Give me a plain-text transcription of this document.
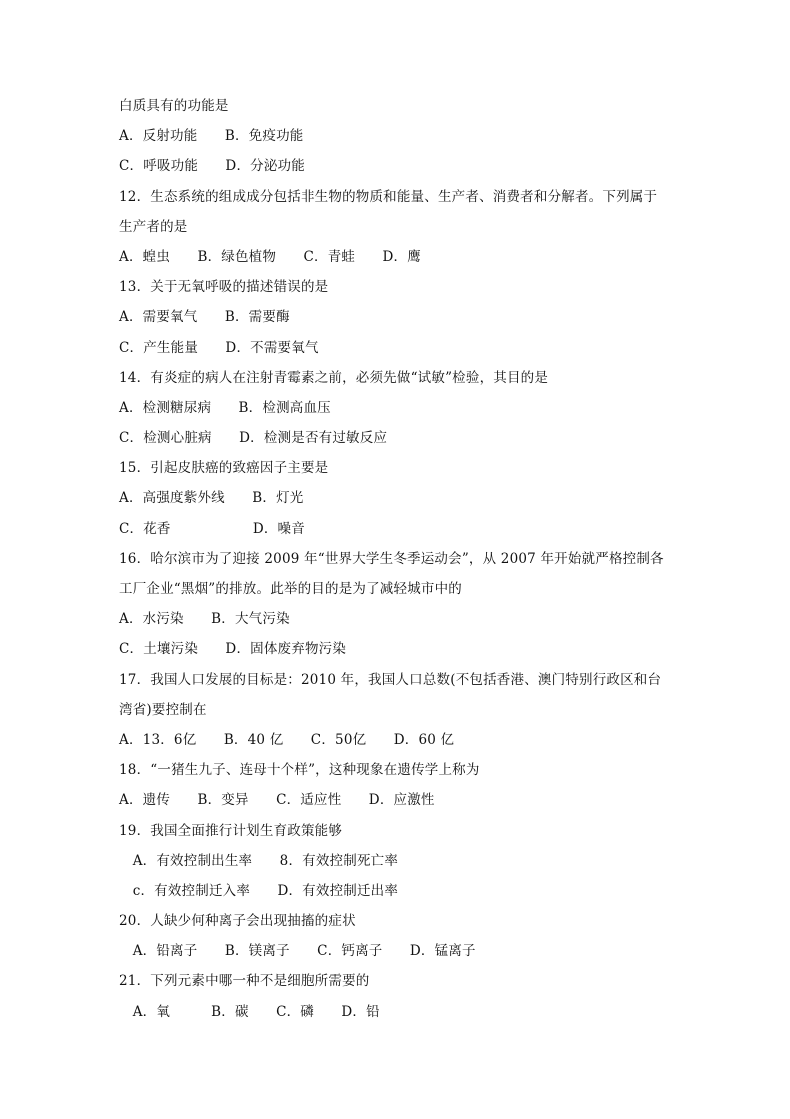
白质具有的功能是
A．反射功能　　B．免疫功能
C．呼吸功能　　D．分泌功能
12．生态系统的组成成分包括非生物的物质和能量、生产者、消费者和分解者。下列属于
生产者的是
A．蝗虫　　B．绿色植物　　C．青蛙　　D．鹰
13．关于无氧呼吸的描述错误的是
A．需要氧气　　B．需要酶
C．产生能量　　D．不需要氧气
14．有炎症的病人在注射青霉素之前，必须先做“试敏”检验，其目的是
A．检测糖尿病　　B．检测高血压
C．检测心脏病　　D．检测是否有过敏反应
15．引起皮肤癌的致癌因子主要是
A．高强度紫外线　　B．灯光
C．花香　　　　　　D．噪音
16．哈尔滨市为了迎接 2009 年“世界大学生冬季运动会”，从 2007 年开始就严格控制各
工厂企业“黑烟”的排放。此举的目的是为了减轻城市中的
A．水污染　　B．大气污染
C．土壤污染　　D．固体废弃物污染
17．我国人口发展的目标是：2010 年，我国人口总数(不包括香港、澳门特别行政区和台
湾省)要控制在
A．13．6亿　　B．40 亿　　C．50亿　　D．60 亿
18．“一猪生九子、连母十个样”，这种现象在遗传学上称为
A．遗传　　B．变异　　C．适应性　　D．应激性
19．我国全面推行计划生育政策能够
　A．有效控制出生率　　8．有效控制死亡率
　c．有效控制迁入率　　D．有效控制迁出率
20．人缺少何种离子会出现抽搐的症状
　A．铅离子　　B．镁离子　　C．钙离子　　D．锰离子
21．下列元素中哪一种不是细胞所需要的
　A．氧　　　B．碳　　C．磷　　D．铅
